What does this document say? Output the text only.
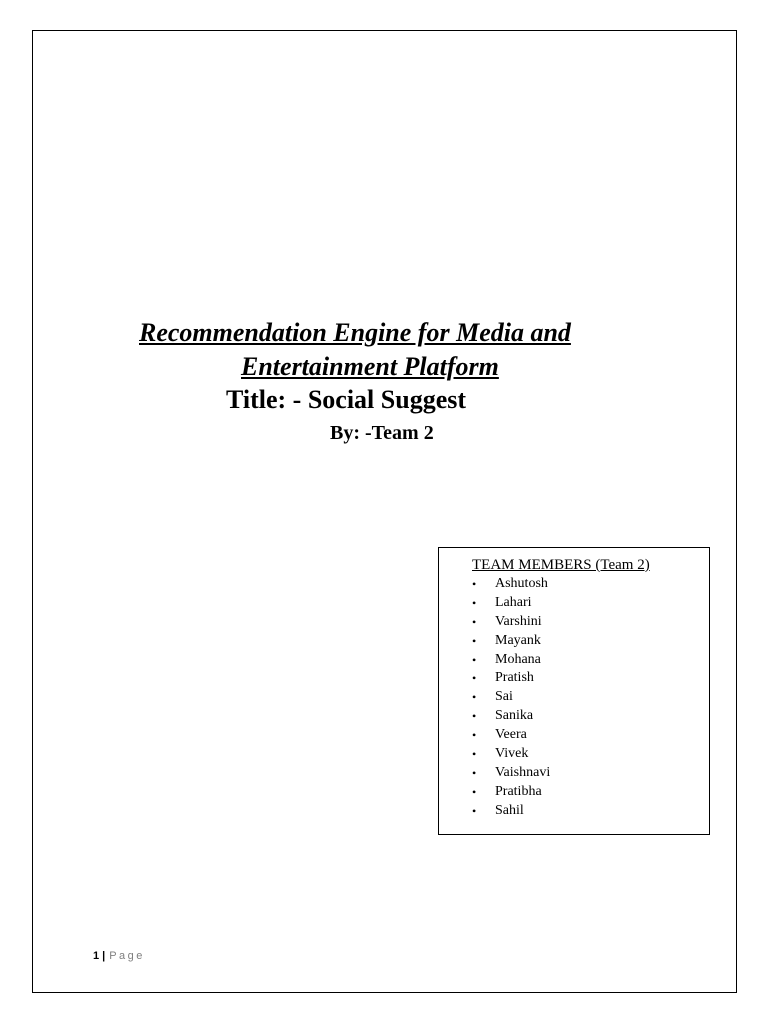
Recommendation Engine for Media and
Entertainment Platform
Title: - Social Suggest
By: -Team 2
TEAM MEMBERS (Team 2)
• Ashutosh
• Lahari
• Varshini
• Mayank
• Mohana
• Pratish
• Sai
• Sanika
• Veera
• Vivek
• Vaishnavi
• Pratibha
• Sahil
1 | Page
